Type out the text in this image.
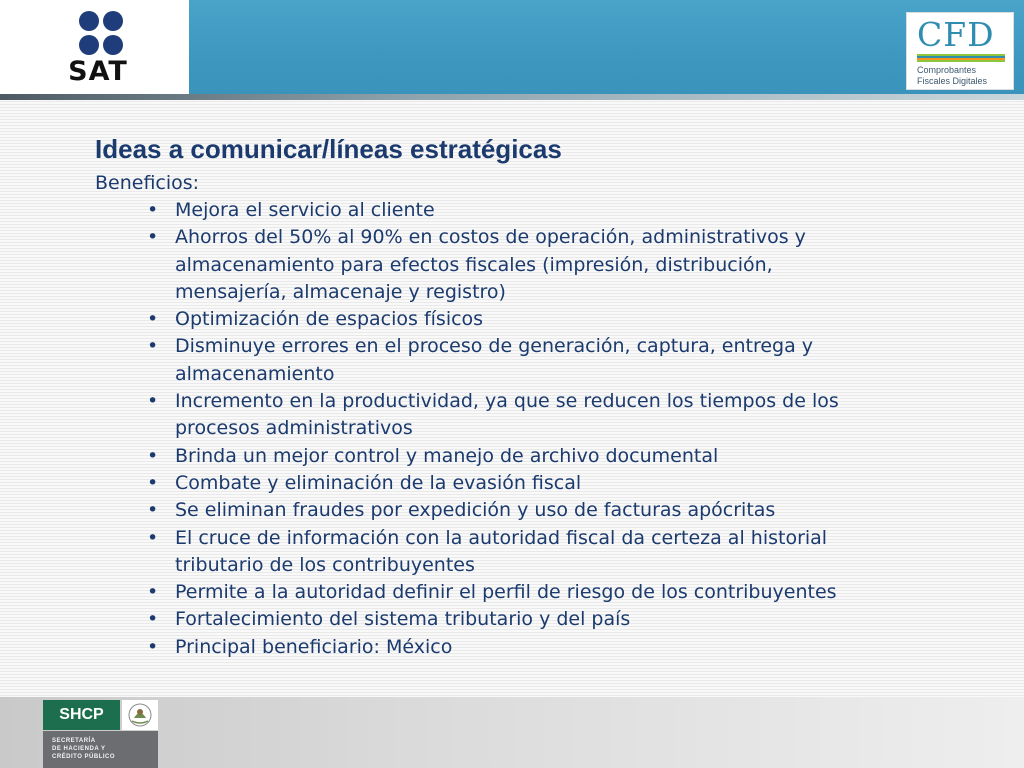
SAT
CFD
Comprobantes
Fiscales Digitales
Ideas a comunicar/líneas estratégicas
Beneficios:
• Mejora el servicio al cliente
• Ahorros del 50% al 90% en costos de operación, administrativos y
almacenamiento para efectos fiscales (impresión, distribución,
mensajería, almacenaje y registro)
• Optimización de espacios físicos
• Disminuye errores en el proceso de generación, captura, entrega y
almacenamiento
• Incremento en la productividad, ya que se reducen los tiempos de los
procesos administrativos
• Brinda un mejor control y manejo de archivo documental
• Combate y eliminación de la evasión fiscal
• Se eliminan fraudes por expedición y uso de facturas apócritas
• El cruce de información con la autoridad fiscal da certeza al historial
tributario de los contribuyentes
• Permite a la autoridad definir el perfil de riesgo de los contribuyentes
• Fortalecimiento del sistema tributario y del país
• Principal beneficiario: México
SHCP
SECRETARÍA
DE HACIENDA Y
CRÉDITO PÚBLICO
